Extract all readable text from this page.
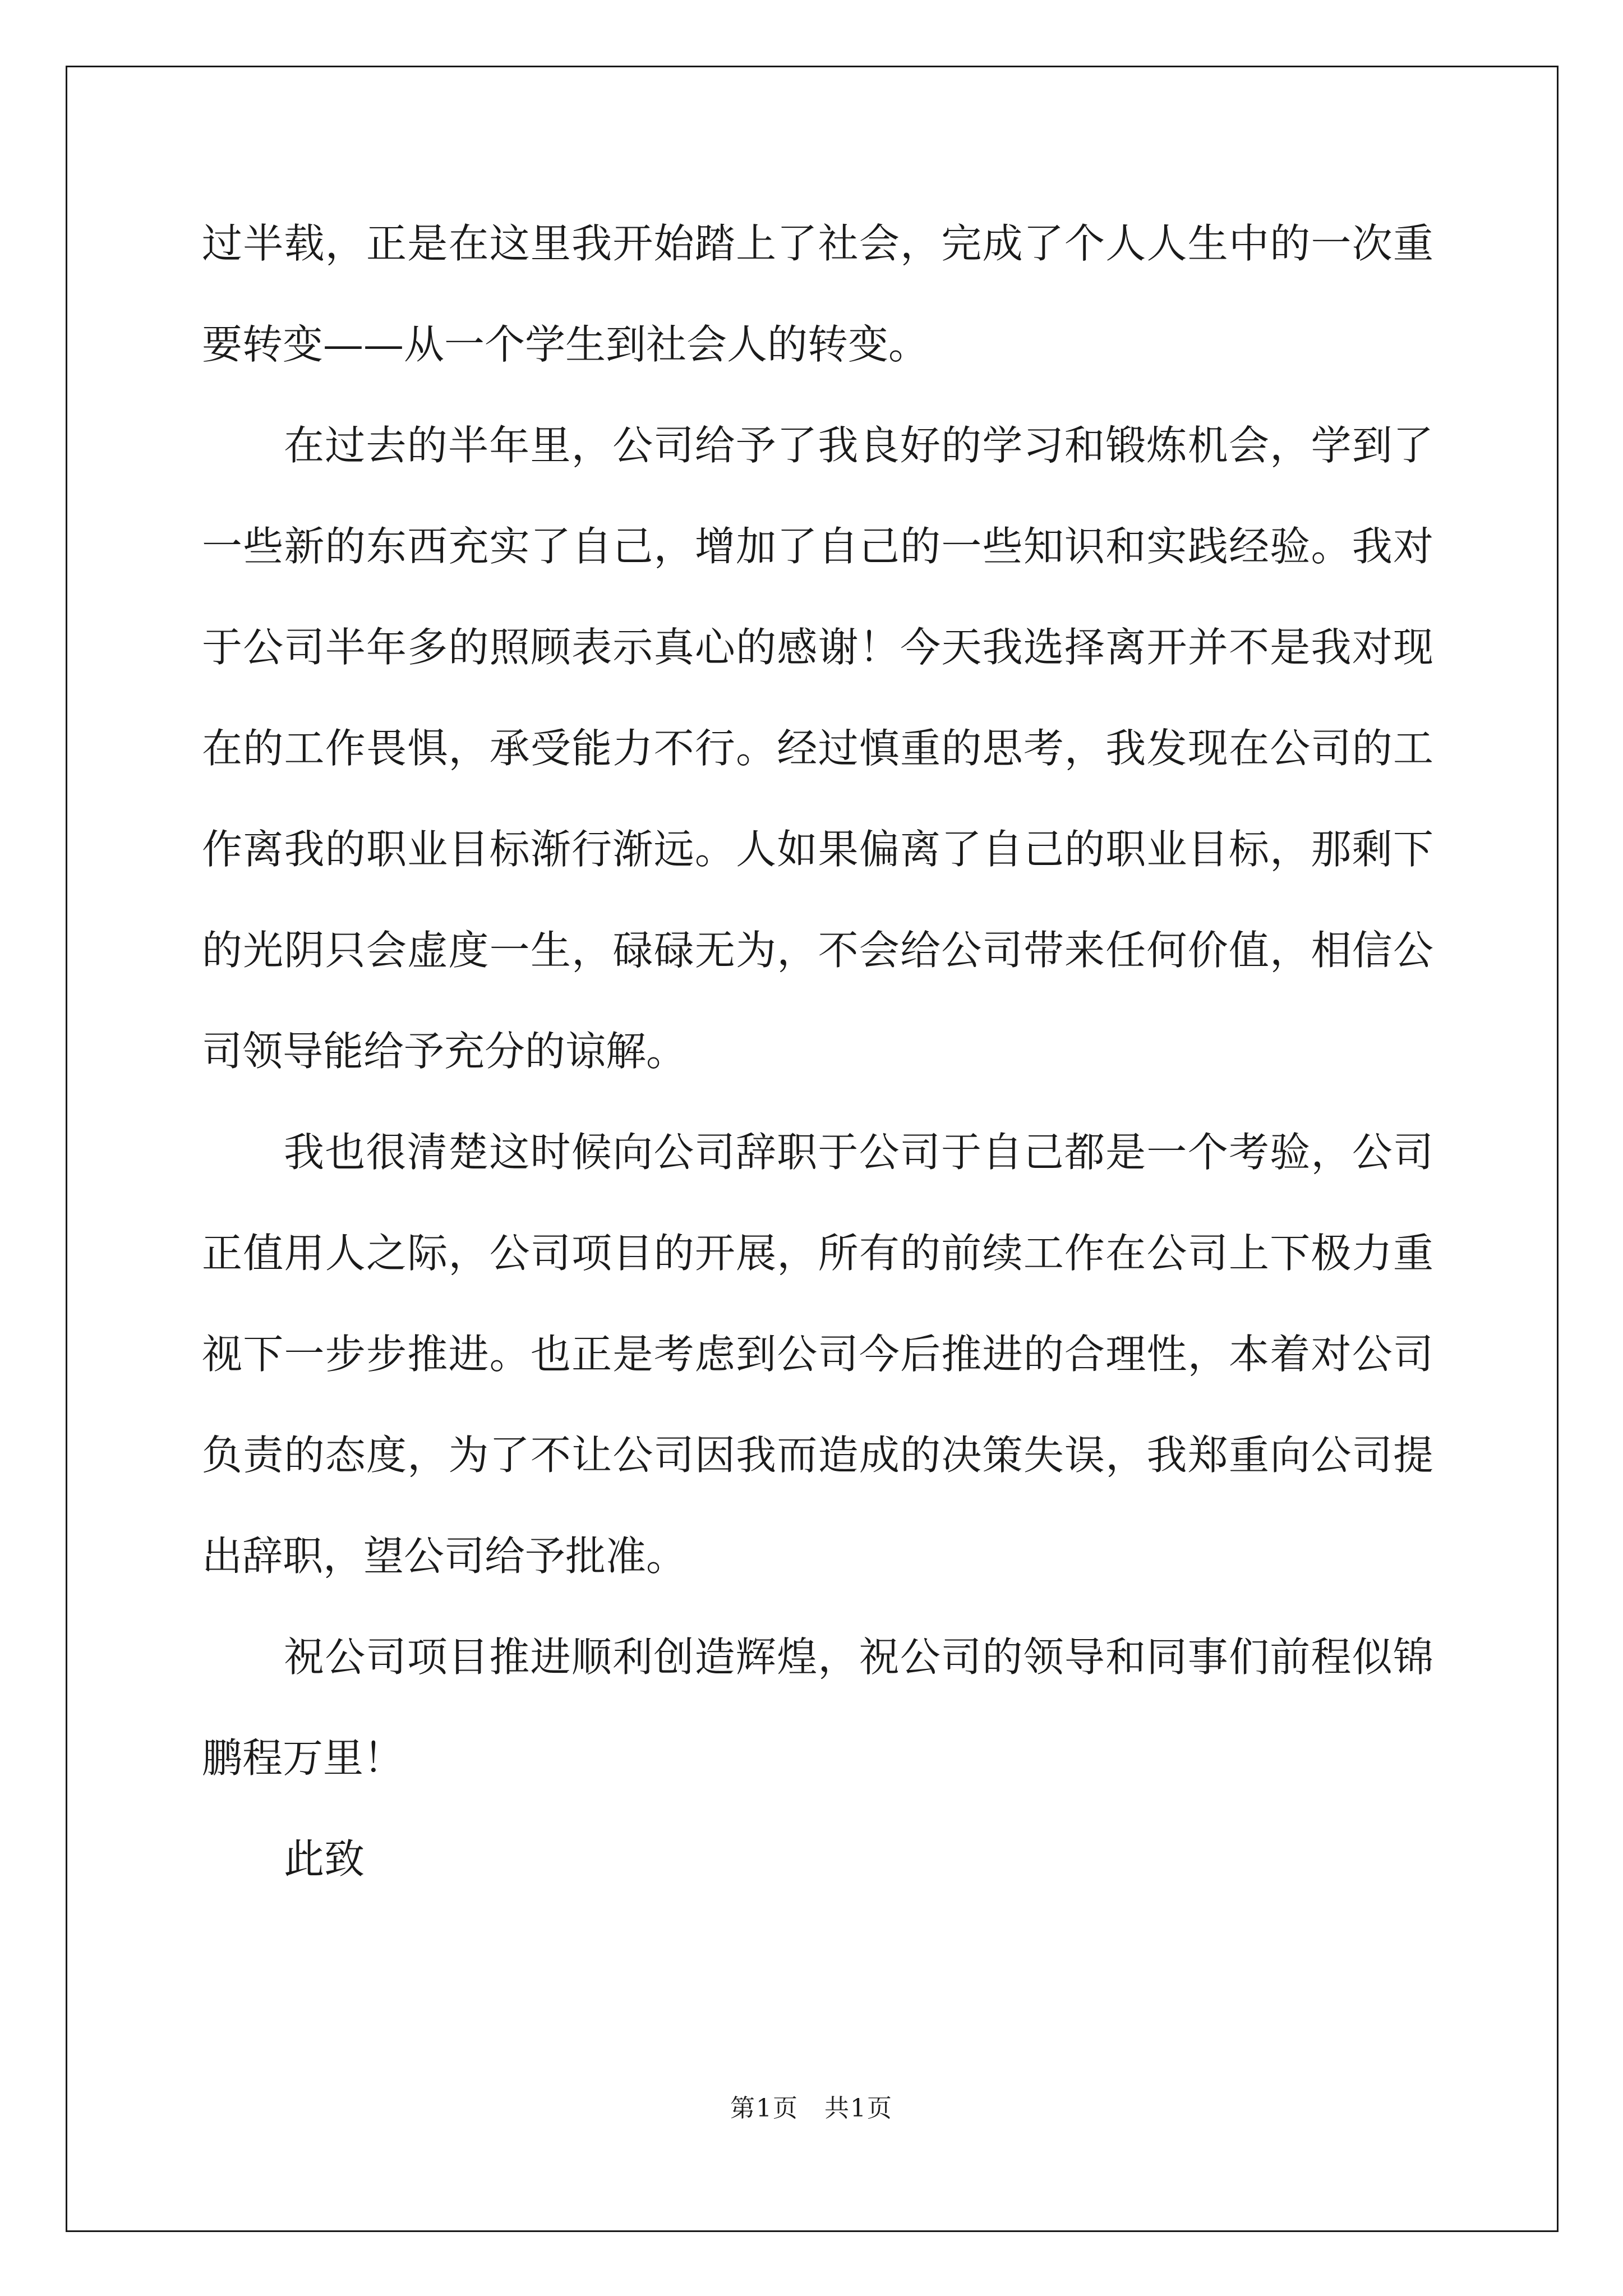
过半载，正是在这里我开始踏上了社会，完成了个人人生中的一次重要转变——从一个学生到社会人的转变。

在过去的半年里，公司给予了我良好的学习和锻炼机会，学到了一些新的东西充实了自己，增加了自己的一些知识和实践经验。我对于公司半年多的照顾表示真心的感谢！今天我选择离开并不是我对现在的工作畏惧，承受能力不行。经过慎重的思考，我发现在公司的工作离我的职业目标渐行渐远。人如果偏离了自己的职业目标，那剩下的光阴只会虚度一生，碌碌无为，不会给公司带来任何价值，相信公司领导能给予充分的谅解。

我也很清楚这时候向公司辞职于公司于自己都是一个考验，公司正值用人之际，公司项目的开展，所有的前续工作在公司上下极力重视下一步步推进。也正是考虑到公司今后推进的合理性，本着对公司负责的态度，为了不让公司因我而造成的决策失误，我郑重向公司提出辞职，望公司给予批准。

祝公司项目推进顺利创造辉煌，祝公司的领导和同事们前程似锦鹏程万里！

此致

第1页　共1页
